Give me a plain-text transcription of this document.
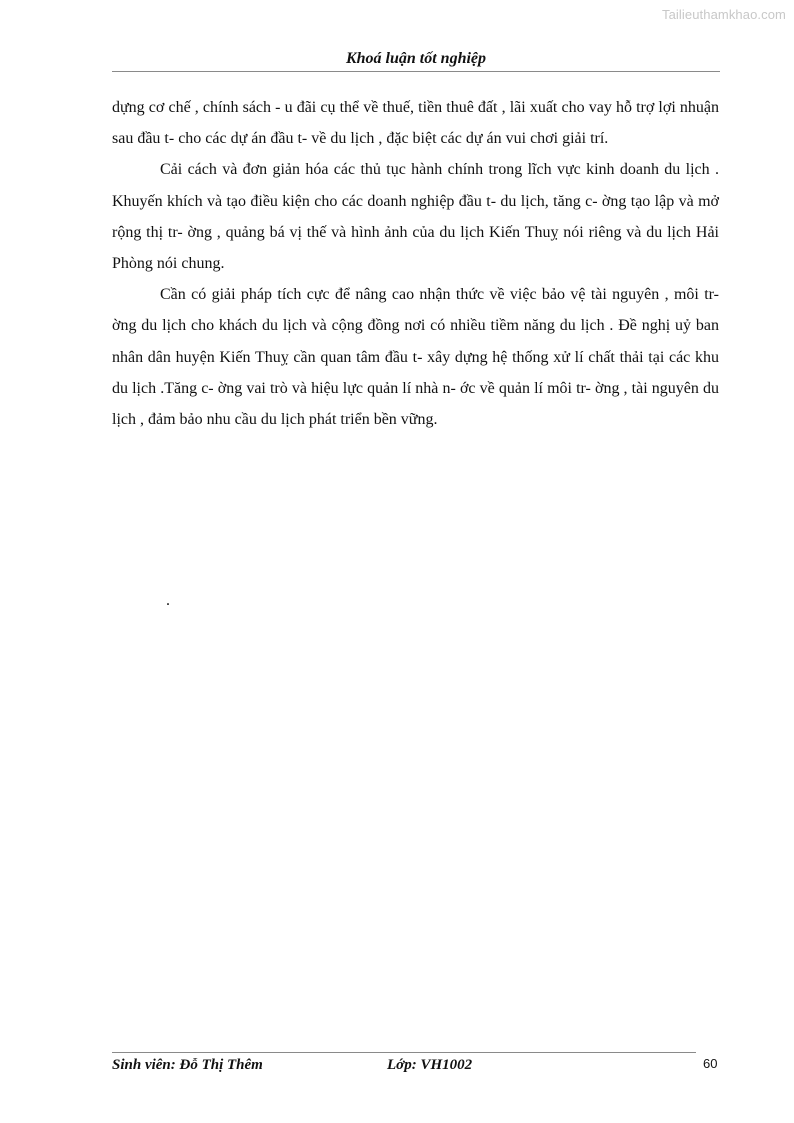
Tailieuthamkhao.com
Khoá luận tốt nghiệp

dựng cơ chế , chính sách - u đãi cụ thể về thuế, tiền thuê đất , lãi xuất cho vay hỗ trợ lợi nhuận sau đầu t- cho các dự án đầu t- về du lịch , đặc biệt các dự án vui chơi giải trí.

Cải cách và đơn giản hóa các thủ tục hành chính trong lĩch vực kinh doanh du lịch . Khuyến khích và tạo điều kiện cho các doanh nghiệp đầu t- du lịch, tăng c- ờng tạo lập và mở rộng thị tr- ờng , quảng bá vị thế và hình ảnh của du lịch Kiến Thuỵ nói riêng và du lịch Hải Phòng nói chung.

Cần có giải pháp tích cực để nâng cao nhận thức về việc bảo vệ tài nguyên , môi tr- ờng du lịch cho khách du lịch và cộng đồng nơi có nhiều tiềm năng du lịch . Đề nghị uỷ ban nhân dân huyện Kiến Thuỵ cần quan tâm đầu t- xây dựng hệ thống xử lí chất thải tại các khu du lịch .Tăng c- ờng vai trò và hiệu lực quản lí nhà n- ớc về quản lí môi tr- ờng , tài nguyên du lịch , đảm bảo nhu cầu du lịch phát triển bền vững.

.
Sinh viên: Đỗ Thị Thêm	Lớp: VH1002	60
